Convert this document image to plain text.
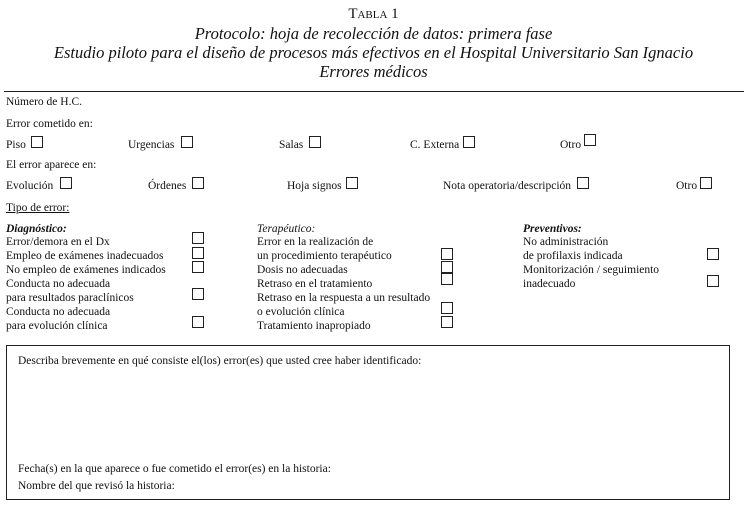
Tabla 1
Protocolo: hoja de recolección de datos: primera fase
Estudio piloto para el diseño de procesos más efectivos en el Hospital Universitario San Ignacio
Errores médicos
Número de H.C.
Error cometido en:
Piso	Urgencias	Salas	C. Externa	Otro
El error aparece en:
Evolución	Órdenes	Hoja signos	Nota operatoria/descripción	Otro
Tipo de error:
Diagnóstico:
Error/demora en el Dx
Empleo de exámenes inadecuados
No empleo de exámenes indicados
Conducta no adecuada
para resultados paraclínicos
Conducta no adecuada
para evolución clínica
Terapéutico:
Error en la realización de
un procedimiento terapéutico
Dosis no adecuadas
Retraso en el tratamiento
Retraso en la respuesta a un resultado
o evolución clínica
Tratamiento inapropiado
Preventivos:
No administración
de profilaxis indicada
Monitorización / seguimiento
inadecuado
Describa brevemente en qué consiste el(los) error(es) que usted cree haber identificado:
Fecha(s) en la que aparece o fue cometido el error(es) en la historia:
Nombre del que revisó la historia:
